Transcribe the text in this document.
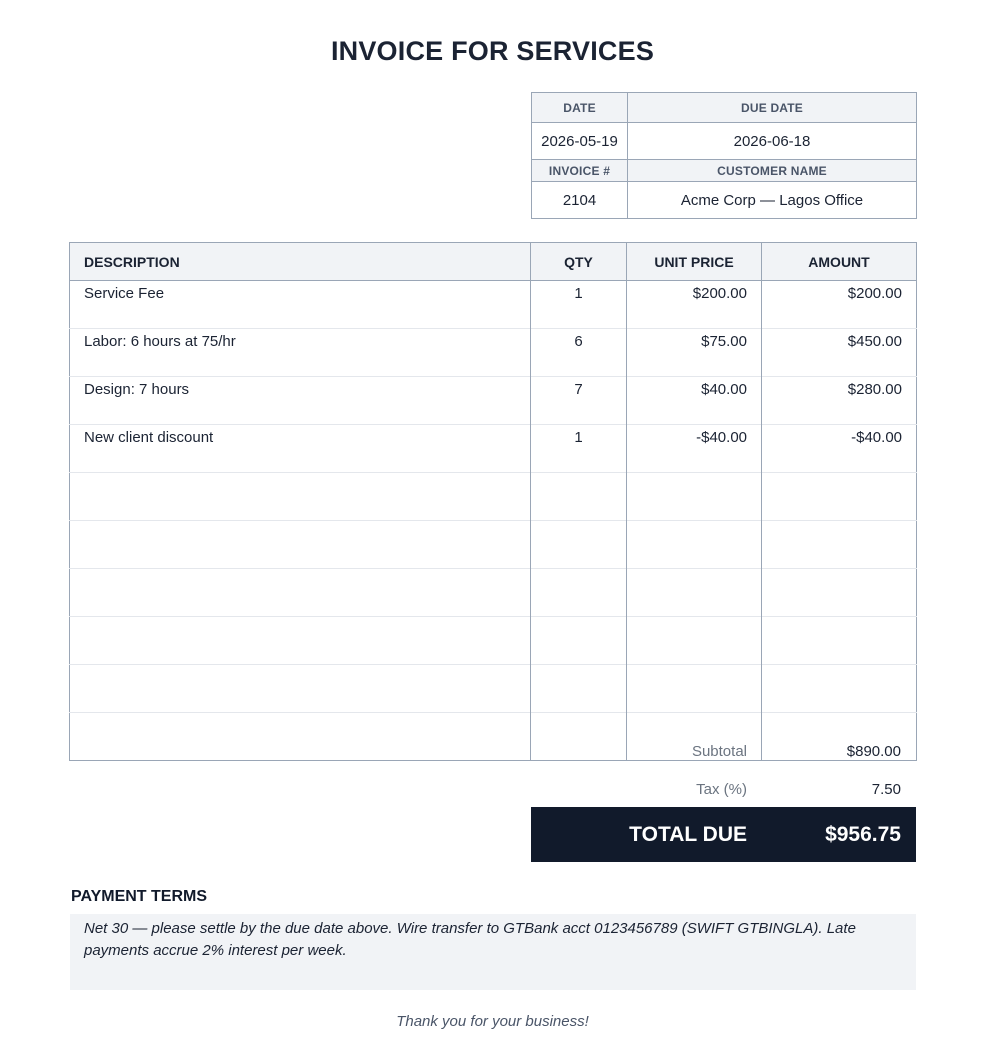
INVOICE FOR SERVICES
DATE	DUE DATE
2026-05-19	2026-06-18
INVOICE #	CUSTOMER NAME
2104	Acme Corp — Lagos Office
DESCRIPTION	QTY	UNIT PRICE	AMOUNT
Service Fee	1	$200.00	$200.00
Labor: 6 hours at 75/hr	6	$75.00	$450.00
Design: 7 hours	7	$40.00	$280.00
New client discount	1	-$40.00	-$40.00

Subtotal	$890.00
Tax (%)	7.50
TOTAL DUE	$956.75
PAYMENT TERMS
Net 30 — please settle by the due date above. Wire transfer to GTBank acct 0123456789 (SWIFT GTBINGLA). Late payments accrue 2% interest per week.
Thank you for your business!
